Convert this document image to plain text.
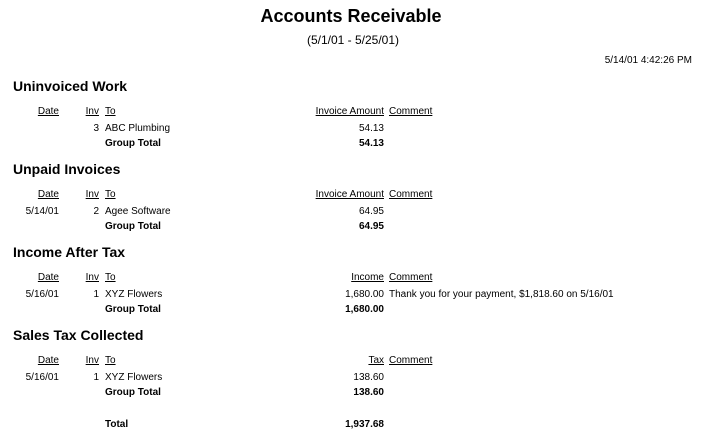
Accounts Receivable
(5/1/01 - 5/25/01)
5/14/01 4:42:26 PM
Uninvoiced Work
Date	Inv To	Invoice Amount Comment
3 ABC Plumbing	54.13
Group Total	54.13
Unpaid Invoices
Date	Inv To	Invoice Amount Comment
5/14/01	2 Agee Software	64.95
Group Total	64.95
Income After Tax
Date	Inv To	Income Comment
5/16/01	1 XYZ Flowers	1,680.00 Thank you for your payment, $1,818.60 on 5/16/01
Group Total	1,680.00
Sales Tax Collected
Date	Inv To	Tax Comment
5/16/01	1 XYZ Flowers	138.60
Group Total	138.60
Total	1,937.68
